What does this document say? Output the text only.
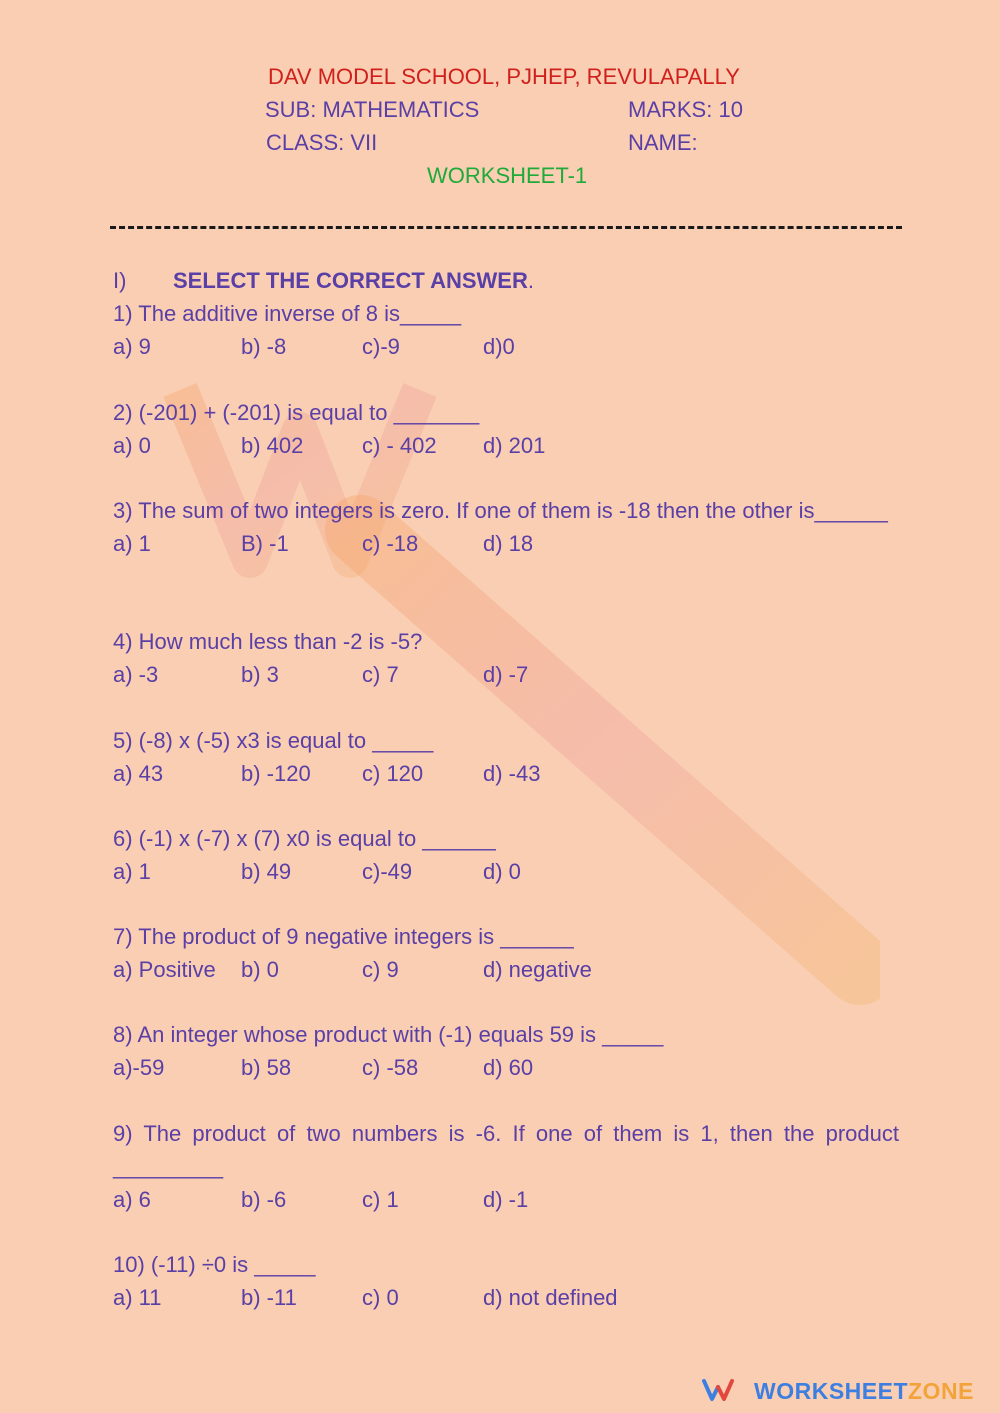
DAV MODEL SCHOOL, PJHEP, REVULAPALLY
SUB: MATHEMATICS	MARKS: 10
CLASS: VII	NAME:
WORKSHEET-1
I) SELECT THE CORRECT ANSWER.
1) The additive inverse of 8 is_____
a) 9	b) -8	c)-9	d)0
2) (-201) + (-201) is equal to _______
a) 0	b) 402	c) - 402 d) 201
3) The sum of two integers is zero. If one of them is -18 then the other is______
a) 1	B) -1	c) -18	d) 18
4) How much less than -2 is -5?
a) -3	b) 3	c) 7	d) -7
5) (-8) x (-5) x3 is equal to _____
a) 43	b) -120 c) 120	d) -43
6) (-1) x (-7) x (7) x0 is equal to ______
a) 1	b) 49	c)-49	d) 0
7) The product of 9 negative integers is ______
a) Positive b) 0	c) 9	d) negative
8) An integer whose product with (-1) equals 59 is _____
a)-59	b) 58	c) -58	d) 60
9) The product of two numbers is -6. If one of them is 1, then the product _________
a) 6	b) -6	c) 1	d) -1
10) (-11) ÷0 is _____
a) 11	b) -11	c) 0	d) not defined
WORKSHEETZONE
